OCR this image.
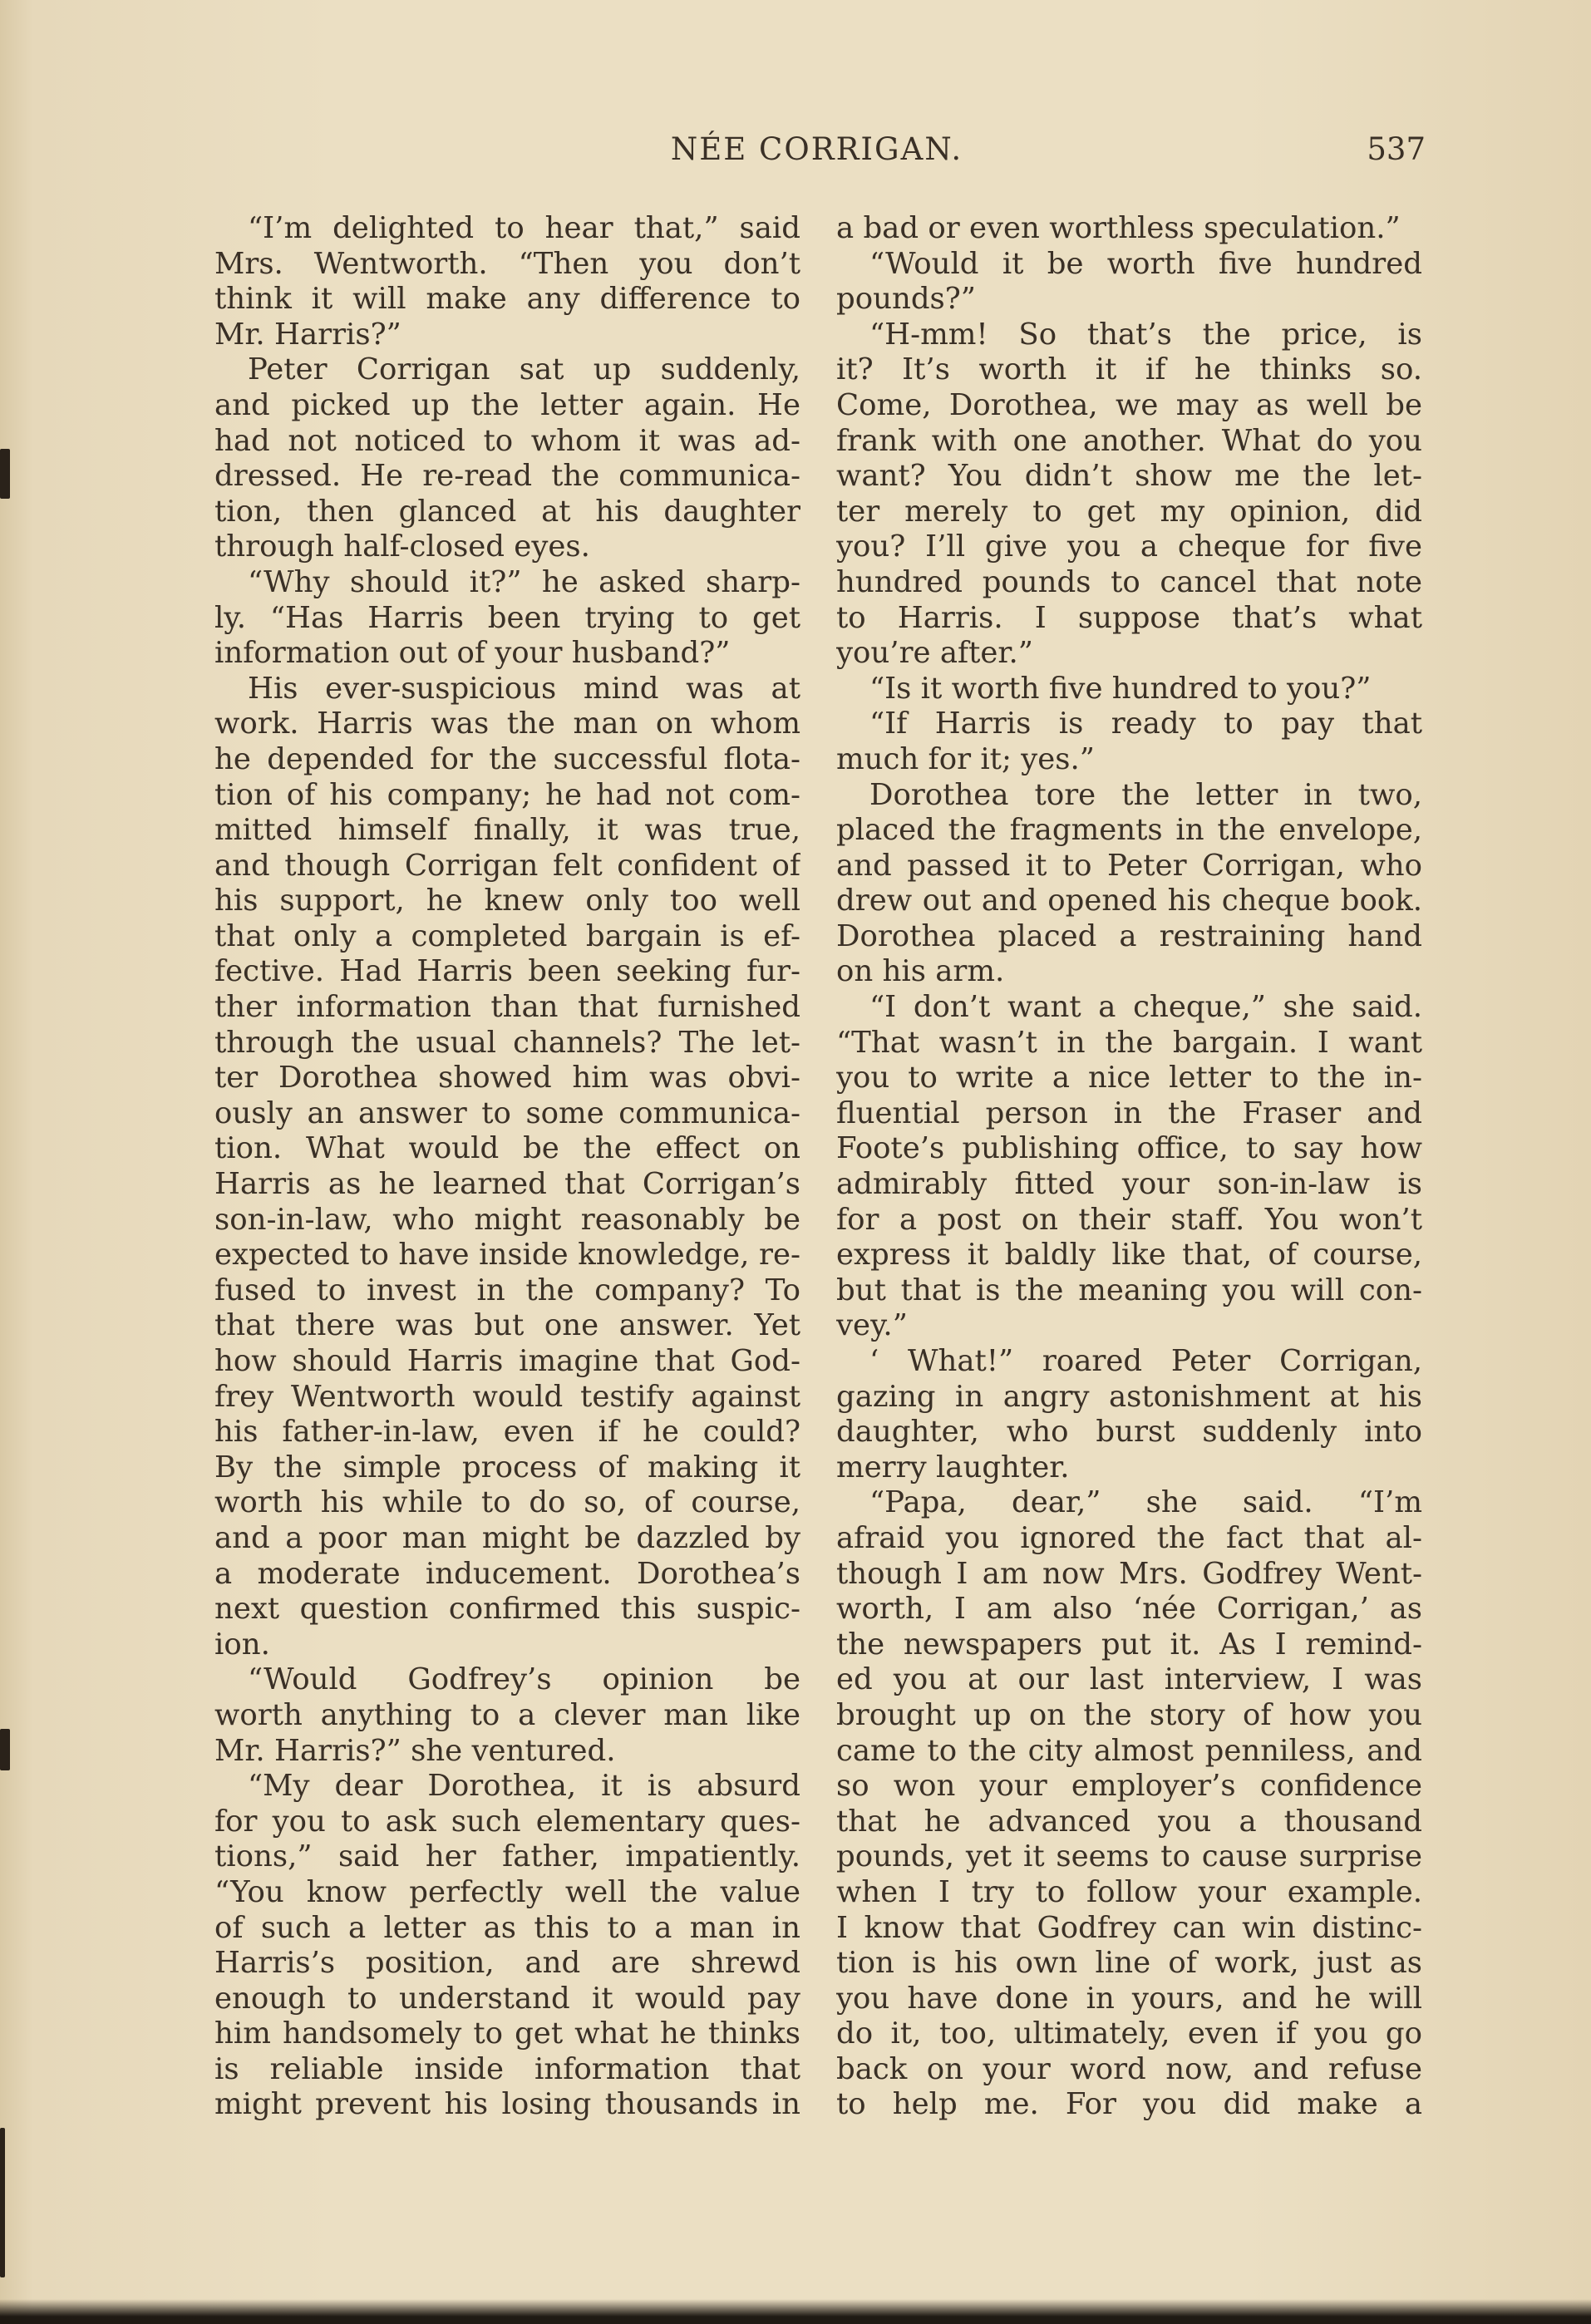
NÉE CORRIGAN.	537
“I’m delighted to hear that,” said
Mrs. Wentworth. “Then you don’t
think it will make any difference to
Mr. Harris?”
Peter Corrigan sat up suddenly,
and picked up the letter again. He
had not noticed to whom it was ad-
dressed. He re-read the communica-
tion, then glanced at his daughter
through half-closed eyes.
“Why should it?” he asked sharp-
ly. “Has Harris been trying to get
information out of your husband?”
His ever-suspicious mind was at
work. Harris was the man on whom
he depended for the successful flota-
tion of his company; he had not com-
mitted himself finally, it was true,
and though Corrigan felt confident of
his support, he knew only too well
that only a completed bargain is ef-
fective. Had Harris been seeking fur-
ther information than that furnished
through the usual channels? The let-
ter Dorothea showed him was obvi-
ously an answer to some communica-
tion. What would be the effect on
Harris as he learned that Corrigan’s
son-in-law, who might reasonably be
expected to have inside knowledge, re-
fused to invest in the company? To
that there was but one answer. Yet
how should Harris imagine that God-
frey Wentworth would testify against
his father-in-law, even if he could?
By the simple process of making it
worth his while to do so, of course,
and a poor man might be dazzled by
a moderate inducement. Dorothea’s
next question confirmed this suspic-
ion.
“Would Godfrey’s opinion be
worth anything to a clever man like
Mr. Harris?” she ventured.
“My dear Dorothea, it is absurd
for you to ask such elementary ques-
tions,” said her father, impatiently.
“You know perfectly well the value
of such a letter as this to a man in
Harris’s position, and are shrewd
enough to understand it would pay
him handsomely to get what he thinks
is reliable inside information that
might prevent his losing thousands in
a bad or even worthless speculation.”
“Would it be worth five hundred
pounds?”
“H-mm! So that’s the price, is
it? It’s worth it if he thinks so.
Come, Dorothea, we may as well be
frank with one another. What do you
want? You didn’t show me the let-
ter merely to get my opinion, did
you? I’ll give you a cheque for five
hundred pounds to cancel that note
to Harris. I suppose that’s what
you’re after.”
“Is it worth five hundred to you?”
“If Harris is ready to pay that
much for it; yes.”
Dorothea tore the letter in two,
placed the fragments in the envelope,
and passed it to Peter Corrigan, who
drew out and opened his cheque book.
Dorothea placed a restraining hand
on his arm.
“I don’t want a cheque,” she said.
“That wasn’t in the bargain. I want
you to write a nice letter to the in-
fluential person in the Fraser and
Foote’s publishing office, to say how
admirably fitted your son-in-law is
for a post on their staff. You won’t
express it baldly like that, of course,
but that is the meaning you will con-
vey.”
‘ What!” roared Peter Corrigan,
gazing in angry astonishment at his
daughter, who burst suddenly into
merry laughter.
“Papa, dear,” she said. “I’m
afraid you ignored the fact that al-
though I am now Mrs. Godfrey Went-
worth, I am also ‘née Corrigan,’ as
the newspapers put it. As I remind-
ed you at our last interview, I was
brought up on the story of how you
came to the city almost penniless, and
so won your employer’s confidence
that he advanced you a thousand
pounds, yet it seems to cause surprise
when I try to follow your example.
I know that Godfrey can win distinc-
tion is his own line of work, just as
you have done in yours, and he will
do it, too, ultimately, even if you go
back on your word now, and refuse
to help me. For you did make a
